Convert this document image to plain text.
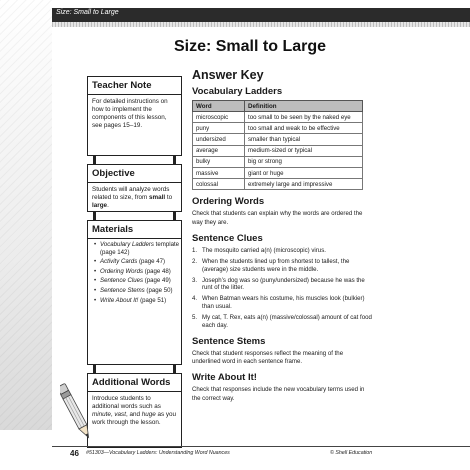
Size: Small to Large
Size: Small to Large
Teacher Note
For detailed instructions on how to implement the components of this lesson, see pages 15–19.
Objective
Students will analyze words related to size, from small to large.
Materials
• Vocabulary Ladders template (page 142)
• Activity Cards (page 47)
• Ordering Words (page 48)
• Sentence Clues (page 49)
• Sentence Stems (page 50)
• Write About It! (page 51)
Additional Words
Introduce students to additional words such as minute, vast, and huge as you work through the lesson.
Answer Key
Vocabulary Ladders
Word	Definition
microscopic	too small to be seen by the naked eye
puny	too small and weak to be effective
undersized	smaller than typical
average	medium-sized or typical
bulky	big or strong
massive	giant or huge
colossal	extremely large and impressive
Ordering Words
Check that students can explain why the words are ordered the way they are.
Sentence Clues
1. The mosquito carried a(n) (microscopic) virus.
2. When the students lined up from shortest to tallest, the (average) size students were in the middle.
3. Joseph’s dog was so (puny/undersized) because he was the runt of the litter.
4. When Batman wears his costume, his muscles look (bulkier) than usual.
5. My cat, T. Rex, eats a(n) (massive/colossal) amount of cat food each day.
Sentence Stems
Check that student responses reflect the meaning of the underlined word in each sentence frame.
Write About It!
Check that responses include the new vocabulary terms used in the correct way.
46 #51303—Vocabulary Ladders: Understanding Word Nuances	© Shell Education
